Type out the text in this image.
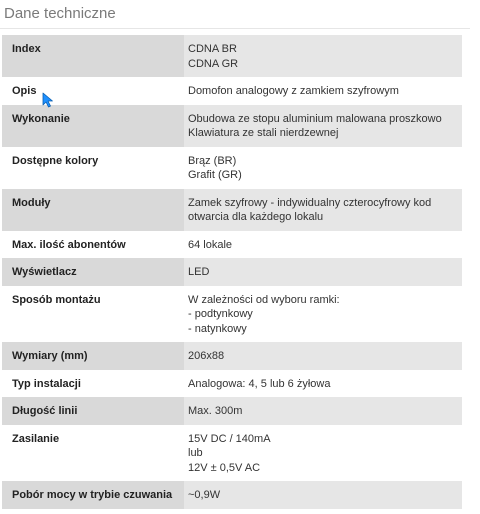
Dane techniczne
Index	CDNA BR
CDNA GR

Opis	Domofon analogowy z zamkiem szyfrowym

Wykonanie	Obudowa ze stopu aluminium malowana proszkowo
Klawiatura ze stali nierdzewnej

Dostępne kolory	Brąz (BR)
Grafit (GR)

Moduły	Zamek szyfrowy - indywidualny czterocyfrowy kod
otwarcia dla każdego lokalu

Max. ilość abonentów	64 lokale

Wyświetlacz	LED

Sposób montażu	W zależności od wyboru ramki:
- podtynkowy
- natynkowy

Wymiary (mm)	206x88

Typ instalacji	Analogowa: 4, 5 lub 6 żyłowa

Długość linii	Max. 300m

Zasilanie	15V DC / 140mA
lub
12V ± 0,5V AC

Pobór mocy w trybie czuwania	~0,9W
